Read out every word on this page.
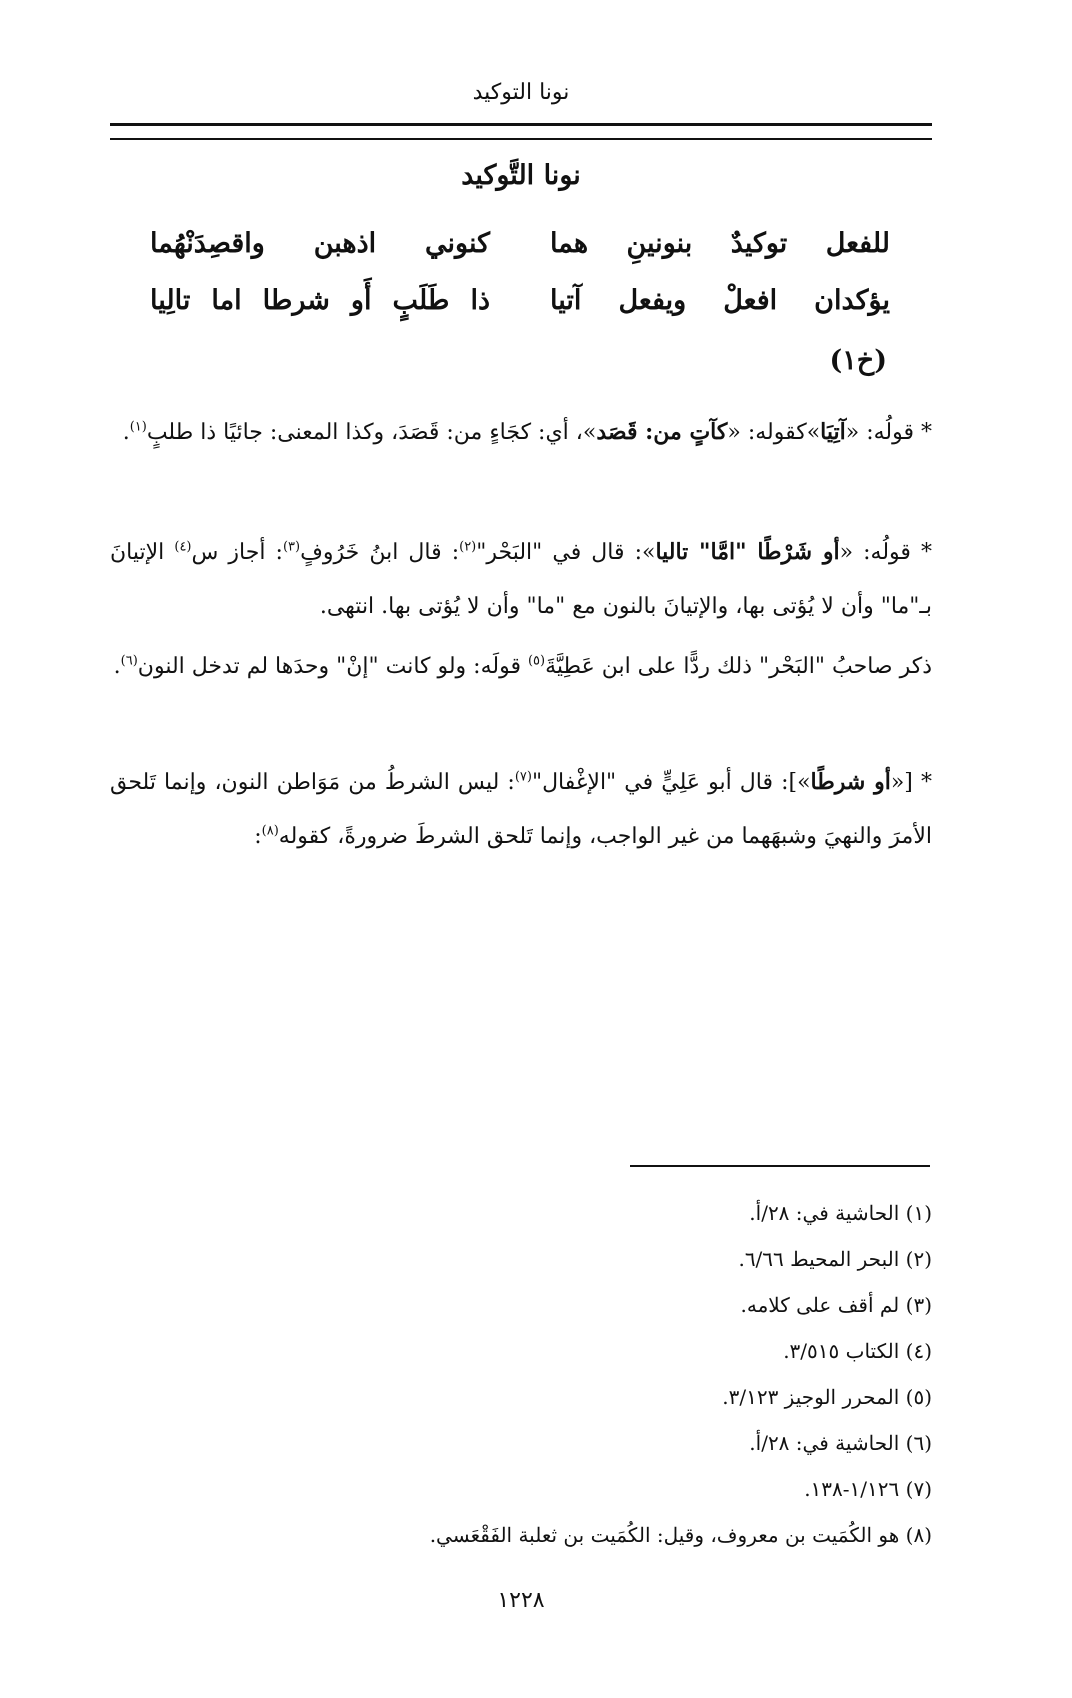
نونا التوكيد
نونا التَّوكيد
للفعل
توكيدٌ
بنونينِ
هما
كنوني
اذهبن
واقصِدَنْهُما
يؤكدان
افعلْ
ويفعل
آتيا
ذا
طَلَبٍ
أَو
شرطا
اما
تالِيا
(خ١)
* قولُه: «آتِيَا»كقوله: «كآتٍ من: قَصَد»، أي: كجَاءٍ من: قَصَدَ، وكذا المعنى: جائيًا ذا طلبٍ$^{(١)}$.
* قولُه: «أو شَرْطًا "امَّا" تاليا»: قال في "البَحْر"$^{(٢)}$: قال ابنُ خَرُوفٍ$^{(٣)}$: أجاز س$^{(٤)}$ الإتيانَ بـ"ما" وأن لا يُؤتى بها، والإتيانَ بالنون مع "ما" وأن لا يُؤتى بها. انتهى.
ذكر صاحبُ "البَحْر" ذلك ردًّا على ابن عَطِيَّةَ$^{(٥)}$ قولَه: ولو كانت "إنْ" وحدَها لم تدخل النون$^{(٦)}$.
* [«أو شرطًا»]: قال أبو عَلِيٍّ في "الإغْفال"$^{(٧)}$: ليس الشرطُ من مَوَاطن النون، وإنما تَلحق الأمرَ والنهيَ وشبهَهما من غير الواجب، وإنما تَلحق الشرطَ ضرورةً، كقوله$^{(٨)}$:
(١) الحاشية في: ٢٨/أ.
(٢) البحر المحيط ٦/٦٦.
(٣) لم أقف على كلامه.
(٤) الكتاب ٣/٥١٥.
(٥) المحرر الوجيز ٣/١٢٣.
(٦) الحاشية في: ٢٨/أ.
(٧) ١/١٢٦-١٣٨.
(٨) هو الكُمَيت بن معروف، وقيل: الكُمَيت بن ثعلبة الفَقْعَسي.
١٢٢٨
